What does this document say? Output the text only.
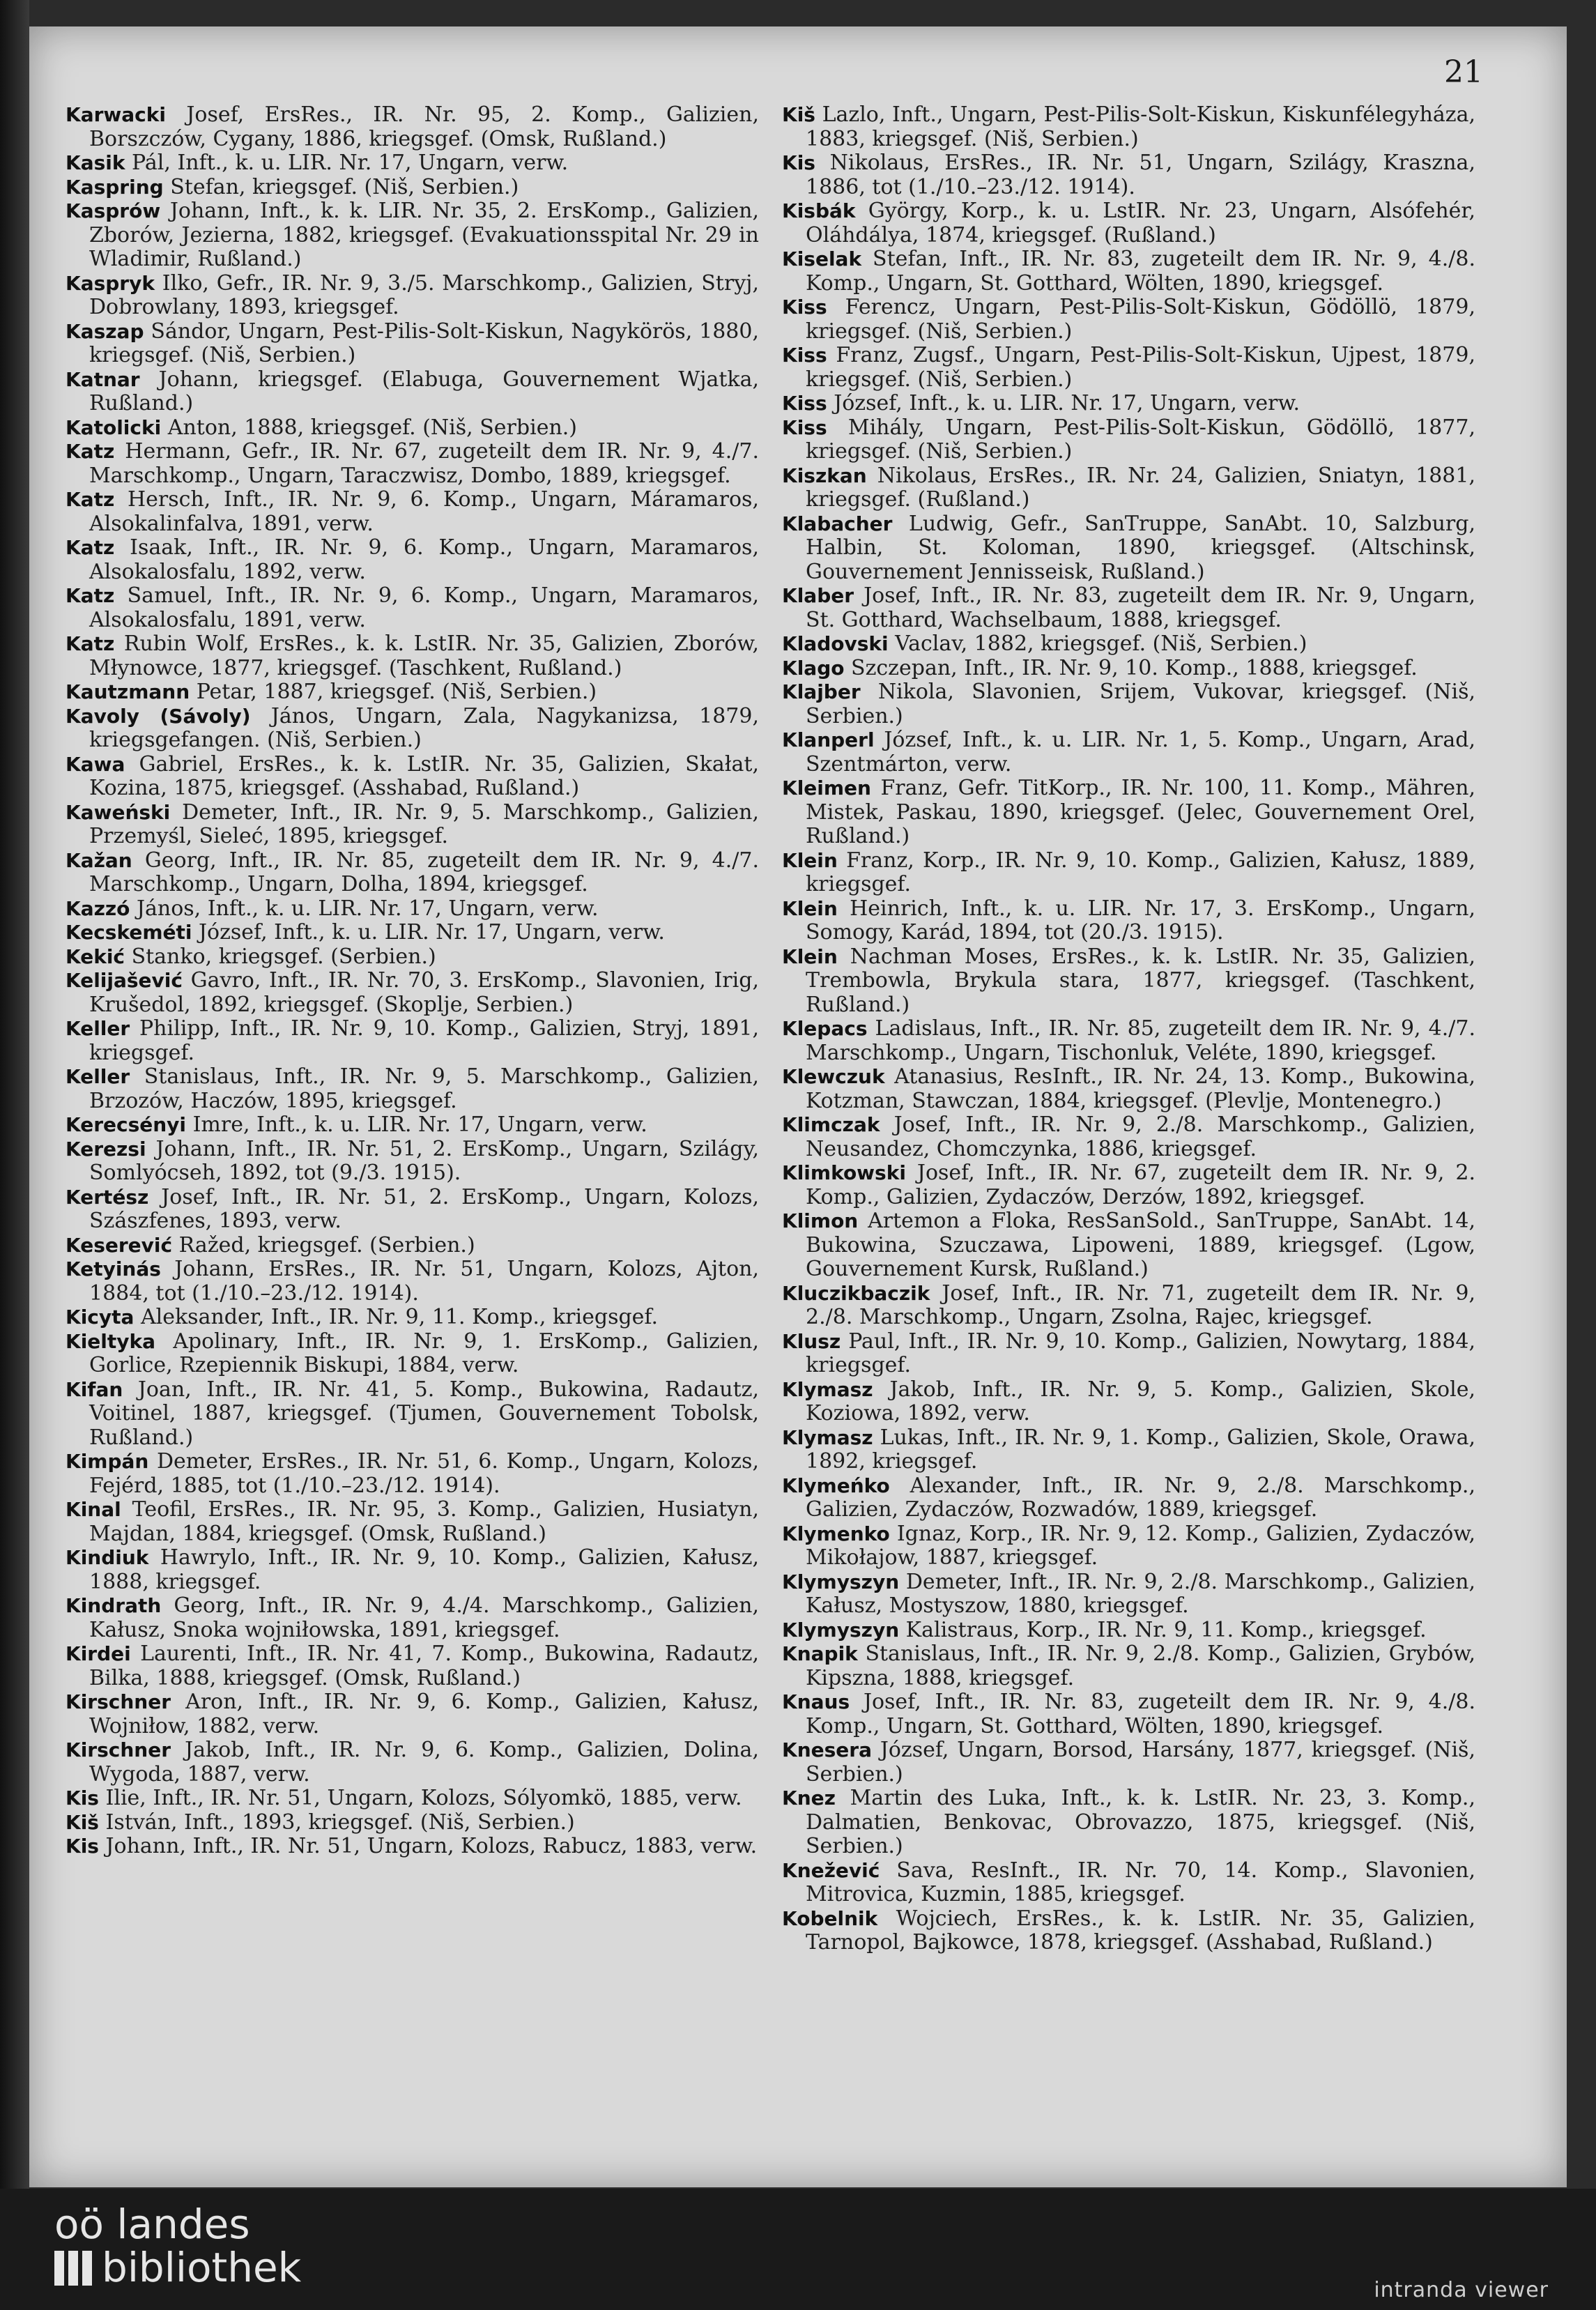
21

Karwacki Josef, ErsRes., IR. Nr. 95, 2. Komp., Galizien, Borszczów, Cygany, 1886, kriegsgef. (Omsk, Rußland.)

Kasik Pál, Inft., k. u. LIR. Nr. 17, Ungarn, verw.

Kaspring Stefan, kriegsgef. (Niš, Serbien.)

Kasprów Johann, Inft., k. k. LIR. Nr. 35, 2. ErsKomp., Galizien, Zborów, Jezierna, 1882, kriegsgef. (Evakuationsspital Nr. 29 in Wladimir, Rußland.)

Kaspryk Ilko, Gefr., IR. Nr. 9, 3./5. Marschkomp., Galizien, Stryj, Dobrowlany, 1893, kriegsgef.

Kaszap Sándor, Ungarn, Pest-Pilis-Solt-Kiskun, Nagykörös, 1880, kriegsgef. (Niš, Serbien.)

Katnar Johann, kriegsgef. (Elabuga, Gouvernement Wjatka, Rußland.)

Katolicki Anton, 1888, kriegsgef. (Niš, Serbien.)

Katz Hermann, Gefr., IR. Nr. 67, zugeteilt dem IR. Nr. 9, 4./7. Marschkomp., Ungarn, Taraczwisz, Dombo, 1889, kriegsgef.

Katz Hersch, Inft., IR. Nr. 9, 6. Komp., Ungarn, Máramaros, Alsokalinfalva, 1891, verw.

Katz Isaak, Inft., IR. Nr. 9, 6. Komp., Ungarn, Maramaros, Alsokalosfalu, 1892, verw.

Katz Samuel, Inft., IR. Nr. 9, 6. Komp., Ungarn, Maramaros, Alsokalosfalu, 1891, verw.

Katz Rubin Wolf, ErsRes., k. k. LstIR. Nr. 35, Galizien, Zborów, Młynowce, 1877, kriegsgef. (Taschkent, Rußland.)

Kautzmann Petar, 1887, kriegsgef. (Niš, Serbien.)

Kavoly (Sávoly) János, Ungarn, Zala, Nagykanizsa, 1879, kriegsgefangen. (Niš, Serbien.)

Kawa Gabriel, ErsRes., k. k. LstIR. Nr. 35, Galizien, Skałat, Kozina, 1875, kriegsgef. (Asshabad, Rußland.)

Kaweński Demeter, Inft., IR. Nr. 9, 5. Marschkomp., Galizien, Przemyśl, Sieleć, 1895, kriegsgef.

Kažan Georg, Inft., IR. Nr. 85, zugeteilt dem IR. Nr. 9, 4./7. Marschkomp., Ungarn, Dolha, 1894, kriegsgef.

Kazzó János, Inft., k. u. LIR. Nr. 17, Ungarn, verw.

Kecskeméti József, Inft., k. u. LIR. Nr. 17, Ungarn, verw.

Kekić Stanko, kriegsgef. (Serbien.)

Kelijašević Gavro, Inft., IR. Nr. 70, 3. ErsKomp., Slavonien, Irig, Krušedol, 1892, kriegsgef. (Skoplje, Serbien.)

Keller Philipp, Inft., IR. Nr. 9, 10. Komp., Galizien, Stryj, 1891, kriegsgef.

Keller Stanislaus, Inft., IR. Nr. 9, 5. Marschkomp., Galizien, Brzozów, Haczów, 1895, kriegsgef.

Kerecsényi Imre, Inft., k. u. LIR. Nr. 17, Ungarn, verw.

Kerezsi Johann, Inft., IR. Nr. 51, 2. ErsKomp., Ungarn, Szilágy, Somlyócseh, 1892, tot (9./3. 1915).

Kertész Josef, Inft., IR. Nr. 51, 2. ErsKomp., Ungarn, Kolozs, Szászfenes, 1893, verw.

Keserević Ražed, kriegsgef. (Serbien.)

Ketyinás Johann, ErsRes., IR. Nr. 51, Ungarn, Kolozs, Ajton, 1884, tot (1./10.–23./12. 1914).

Kicyta Aleksander, Inft., IR. Nr. 9, 11. Komp., kriegsgef.

Kieltyka Apolinary, Inft., IR. Nr. 9, 1. ErsKomp., Galizien, Gorlice, Rzepiennik Biskupi, 1884, verw.

Kifan Joan, Inft., IR. Nr. 41, 5. Komp., Bukowina, Radautz, Voitinel, 1887, kriegsgef. (Tjumen, Gouvernement Tobolsk, Rußland.)

Kimpán Demeter, ErsRes., IR. Nr. 51, 6. Komp., Ungarn, Kolozs, Fejérd, 1885, tot (1./10.–23./12. 1914).

Kinal Teofil, ErsRes., IR. Nr. 95, 3. Komp., Galizien, Husiatyn, Majdan, 1884, kriegsgef. (Omsk, Rußland.)

Kindiuk Hawrylo, Inft., IR. Nr. 9, 10. Komp., Galizien, Kałusz, 1888, kriegsgef.

Kindrath Georg, Inft., IR. Nr. 9, 4./4. Marschkomp., Galizien, Kałusz, Snoka wojniłowska, 1891, kriegsgef.

Kirdei Laurenti, Inft., IR. Nr. 41, 7. Komp., Bukowina, Radautz, Bilka, 1888, kriegsgef. (Omsk, Rußland.)

Kirschner Aron, Inft., IR. Nr. 9, 6. Komp., Galizien, Kałusz, Wojniłow, 1882, verw.

Kirschner Jakob, Inft., IR. Nr. 9, 6. Komp., Galizien, Dolina, Wygoda, 1887, verw.

Kis Ilie, Inft., IR. Nr. 51, Ungarn, Kolozs, Sólyomkö, 1885, verw.

Kiš István, Inft., 1893, kriegsgef. (Niš, Serbien.)

Kis Johann, Inft., IR. Nr. 51, Ungarn, Kolozs, Rabucz, 1883, verw.

Kiš Lazlo, Inft., Ungarn, Pest-Pilis-Solt-Kiskun, Kiskunfélegyháza, 1883, kriegsgef. (Niš, Serbien.)

Kis Nikolaus, ErsRes., IR. Nr. 51, Ungarn, Szilágy, Kraszna, 1886, tot (1./10.–23./12. 1914).

Kisbák György, Korp., k. u. LstIR. Nr. 23, Ungarn, Alsófehér, Oláhdálya, 1874, kriegsgef. (Rußland.)

Kiselak Stefan, Inft., IR. Nr. 83, zugeteilt dem IR. Nr. 9, 4./8. Komp., Ungarn, St. Gotthard, Wölten, 1890, kriegsgef.

Kiss Ferencz, Ungarn, Pest-Pilis-Solt-Kiskun, Gödöllö, 1879, kriegsgef. (Niš, Serbien.)

Kiss Franz, Zugsf., Ungarn, Pest-Pilis-Solt-Kiskun, Ujpest, 1879, kriegsgef. (Niš, Serbien.)

Kiss József, Inft., k. u. LIR. Nr. 17, Ungarn, verw.

Kiss Mihály, Ungarn, Pest-Pilis-Solt-Kiskun, Gödöllö, 1877, kriegsgef. (Niš, Serbien.)

Kiszkan Nikolaus, ErsRes., IR. Nr. 24, Galizien, Sniatyn, 1881, kriegsgef. (Rußland.)

Klabacher Ludwig, Gefr., SanTruppe, SanAbt. 10, Salzburg, Halbin, St. Koloman, 1890, kriegsgef. (Altschinsk, Gouvernement Jennisseisk, Rußland.)

Klaber Josef, Inft., IR. Nr. 83, zugeteilt dem IR. Nr. 9, Ungarn, St. Gotthard, Wachselbaum, 1888, kriegsgef.

Kladovski Vaclav, 1882, kriegsgef. (Niš, Serbien.)

Klago Szczepan, Inft., IR. Nr. 9, 10. Komp., 1888, kriegsgef.

Klajber Nikola, Slavonien, Srijem, Vukovar, kriegsgef. (Niš, Serbien.)

Klanperl József, Inft., k. u. LIR. Nr. 1, 5. Komp., Ungarn, Arad, Szentmárton, verw.

Kleimen Franz, Gefr. TitKorp., IR. Nr. 100, 11. Komp., Mähren, Mistek, Paskau, 1890, kriegsgef. (Jelec, Gouvernement Orel, Rußland.)

Klein Franz, Korp., IR. Nr. 9, 10. Komp., Galizien, Kałusz, 1889, kriegsgef.

Klein Heinrich, Inft., k. u. LIR. Nr. 17, 3. ErsKomp., Ungarn, Somogy, Karád, 1894, tot (20./3. 1915).

Klein Nachman Moses, ErsRes., k. k. LstIR. Nr. 35, Galizien, Trembowla, Brykula stara, 1877, kriegsgef. (Taschkent, Rußland.)

Klepacs Ladislaus, Inft., IR. Nr. 85, zugeteilt dem IR. Nr. 9, 4./7. Marschkomp., Ungarn, Tischonluk, Veléte, 1890, kriegsgef.

Klewczuk Atanasius, ResInft., IR. Nr. 24, 13. Komp., Bukowina, Kotzman, Stawczan, 1884, kriegsgef. (Plevlje, Montenegro.)

Klimczak Josef, Inft., IR. Nr. 9, 2./8. Marschkomp., Galizien, Neusandez, Chomczynka, 1886, kriegsgef.

Klimkowski Josef, Inft., IR. Nr. 67, zugeteilt dem IR. Nr. 9, 2. Komp., Galizien, Zydaczów, Derzów, 1892, kriegsgef.

Klimon Artemon a Floka, ResSanSold., SanTruppe, SanAbt. 14, Bukowina, Szuczawa, Lipoweni, 1889, kriegsgef. (Lgow, Gouvernement Kursk, Rußland.)

Kluczikbaczik Josef, Inft., IR. Nr. 71, zugeteilt dem IR. Nr. 9, 2./8. Marschkomp., Ungarn, Zsolna, Rajec, kriegsgef.

Klusz Paul, Inft., IR. Nr. 9, 10. Komp., Galizien, Nowytarg, 1884, kriegsgef.

Klymasz Jakob, Inft., IR. Nr. 9, 5. Komp., Galizien, Skole, Koziowa, 1892, verw.

Klymasz Lukas, Inft., IR. Nr. 9, 1. Komp., Galizien, Skole, Orawa, 1892, kriegsgef.

Klymeńko Alexander, Inft., IR. Nr. 9, 2./8. Marschkomp., Galizien, Zydaczów, Rozwadów, 1889, kriegsgef.

Klymenko Ignaz, Korp., IR. Nr. 9, 12. Komp., Galizien, Zydaczów, Mikołajow, 1887, kriegsgef.

Klymyszyn Demeter, Inft., IR. Nr. 9, 2./8. Marschkomp., Galizien, Kałusz, Mostyszow, 1880, kriegsgef.

Klymyszyn Kalistraus, Korp., IR. Nr. 9, 11. Komp., kriegsgef.

Knapik Stanislaus, Inft., IR. Nr. 9, 2./8. Komp., Galizien, Grybów, Kipszna, 1888, kriegsgef.

Knaus Josef, Inft., IR. Nr. 83, zugeteilt dem IR. Nr. 9, 4./8. Komp., Ungarn, St. Gotthard, Wölten, 1890, kriegsgef.

Knesera József, Ungarn, Borsod, Harsány, 1877, kriegsgef. (Niš, Serbien.)

Knez Martin des Luka, Inft., k. k. LstIR. Nr. 23, 3. Komp., Dalmatien, Benkovac, Obrovazzo, 1875, kriegsgef. (Niš, Serbien.)

Knežević Sava, ResInft., IR. Nr. 70, 14. Komp., Slavonien, Mitrovica, Kuzmin, 1885, kriegsgef.

Kobelnik Wojciech, ErsRes., k. k. LstIR. Nr. 35, Galizien, Tarnopol, Bajkowce, 1878, kriegsgef. (Asshabad, Rußland.)

oö landes
bibliothek	intranda viewer
